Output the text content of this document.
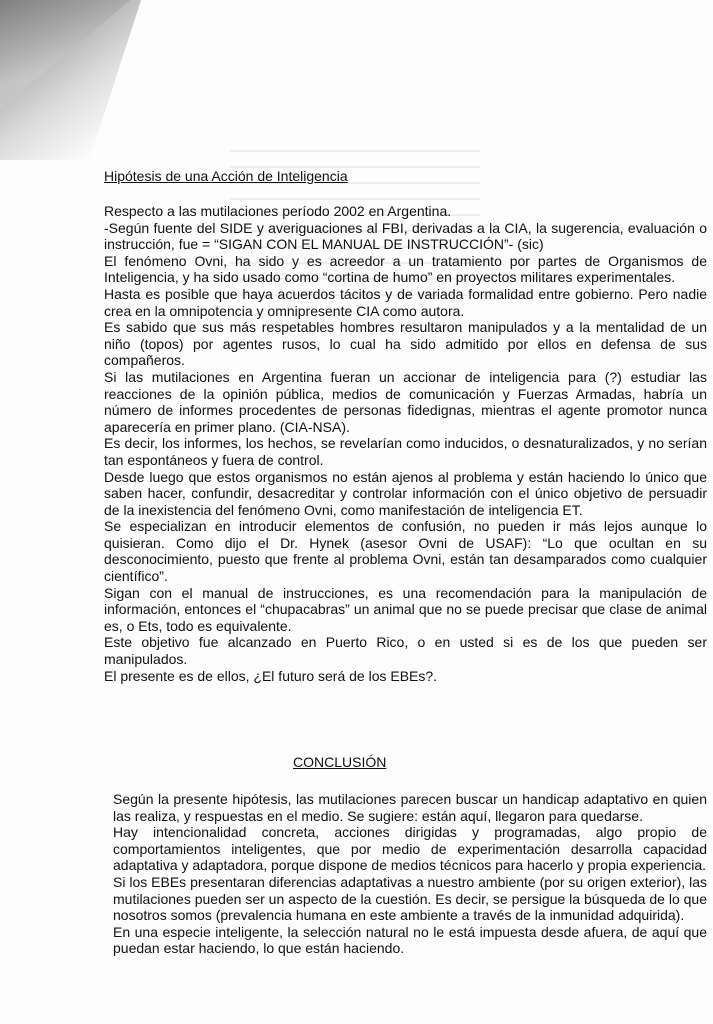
Hipótesis de una Acción de Inteligencia

Respecto a las mutilaciones período 2002 en Argentina.

-Según fuente del SIDE y averiguaciones al FBI, derivadas a la CIA, la sugerencia, evaluación o instrucción, fue = “SIGAN CON EL MANUAL DE INSTRUCCIÓN”- (sic)

El fenómeno Ovni, ha sido y es acreedor a un tratamiento por partes de Organismos de Inteligencia, y ha sido usado como “cortina de humo” en proyectos militares experimentales.

Hasta es posible que haya acuerdos tácitos y de variada formalidad entre gobierno. Pero nadie crea en la omnipotencia y omnipresente CIA como autora.

Es sabido que sus más respetables hombres resultaron manipulados y a la mentalidad de un niño (topos) por agentes rusos, lo cual ha sido admitido por ellos en defensa de sus compañeros.

Si las mutilaciones en Argentina fueran un accionar de inteligencia para (?) estudiar las reacciones de la opinión pública, medios de comunicación y Fuerzas Armadas, habría un número de informes procedentes de personas fidedignas, mientras el agente promotor nunca aparecería en primer plano. (CIA-NSA).

Es decir, los informes, los hechos, se revelarían como inducidos, o desnaturalizados, y no serían tan espontáneos y fuera de control.

Desde luego que estos organismos no están ajenos al problema y están haciendo lo único que saben hacer, confundir, desacreditar y controlar información con el único objetivo de persuadir de la inexistencia del fenómeno Ovni, como manifestación de inteligencia ET.

Se especializan en introducir elementos de confusión, no pueden ir más lejos aunque lo quisieran. Como dijo el Dr. Hynek (asesor Ovni de USAF): “Lo que ocultan en su desconocimiento, puesto que frente al problema Ovni, están tan desamparados como cualquier científico”.

Sigan con el manual de instrucciones, es una recomendación para la manipulación de información, entonces el “chupacabras” un animal que no se puede precisar que clase de animal es, o Ets, todo es equivalente.

Este objetivo fue alcanzado en Puerto Rico, o en usted si es de los que pueden ser manipulados.

El presente es de ellos, ¿El futuro será de los EBEs?.

CONCLUSIÓN

Según la presente hipótesis, las mutilaciones parecen buscar un handicap adaptativo en quien las realiza, y respuestas en el medio. Se sugiere: están aquí, llegaron para quedarse.

Hay intencionalidad concreta, acciones dirigidas y programadas, algo propio de comportamientos inteligentes, que por medio de experimentación desarrolla capacidad adaptativa y adaptadora, porque dispone de medios técnicos para hacerlo y propia experiencia.

Si los EBEs presentaran diferencias adaptativas a nuestro ambiente (por su origen exterior), las mutilaciones pueden ser un aspecto de la cuestión. Es decir, se persigue la búsqueda de lo que nosotros somos (prevalencia humana en este ambiente a través de la inmunidad adquirida).

En una especie inteligente, la selección natural no le está impuesta desde afuera, de aquí que puedan estar haciendo, lo que están haciendo.
